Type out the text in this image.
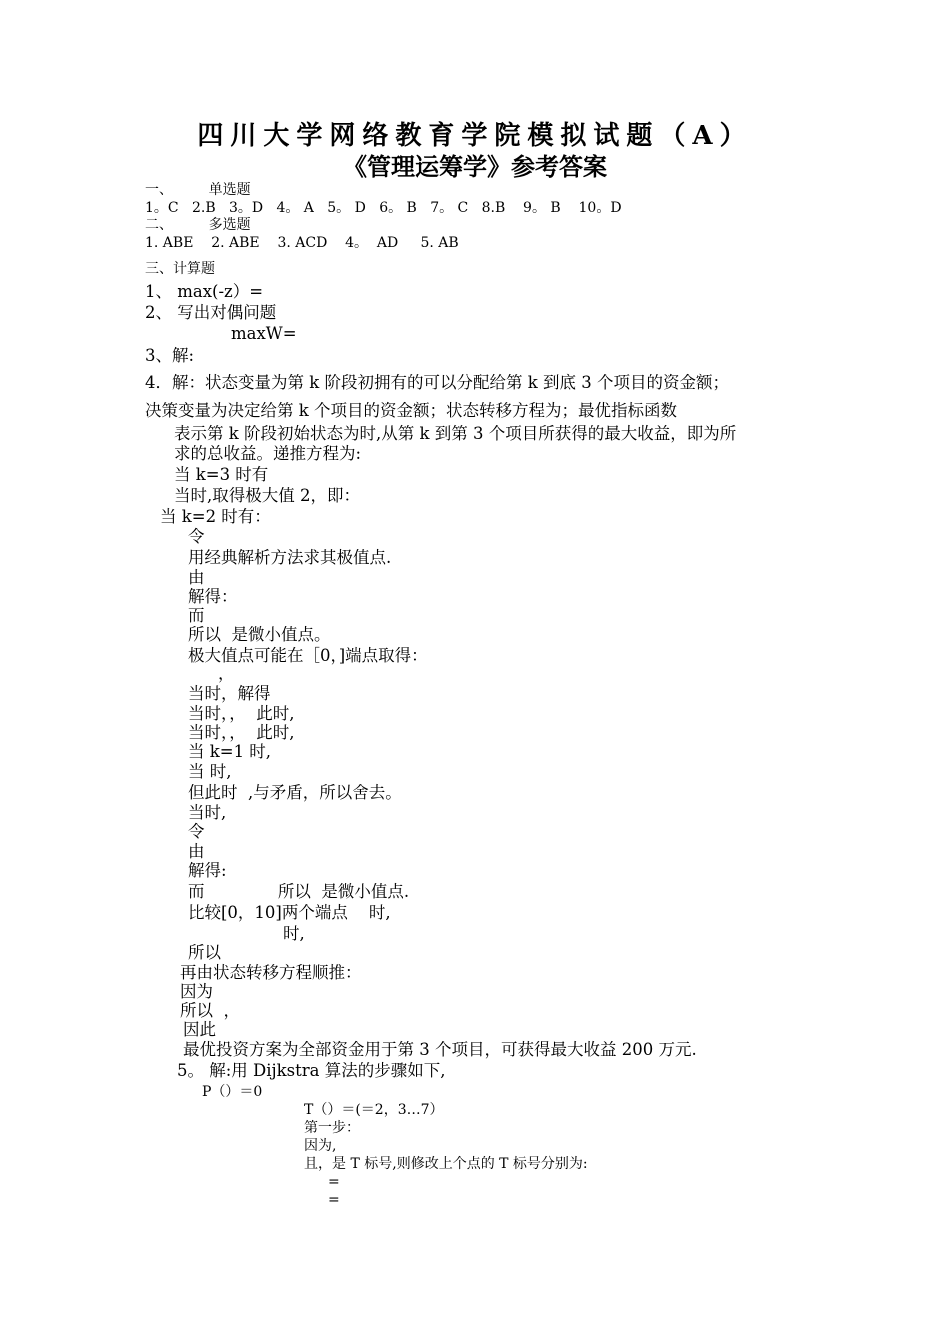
四川大学网络教育学院模拟试题（A）
《管理运筹学》参考答案
一、        单选题
1。C   2.B   3。D   4。 A   5。 D   6。 B   7。 C   8.B    9。 B    10。D
二、        多选题
1. ABE    2. ABE    3. ACD    4。  AD     5. AB
三、计算题
1、 max(-z）=
2、 写出对偶问题
maxW=
3、解:
4．解：状态变量为第 k 阶段初拥有的可以分配给第 k 到底 3 个项目的资金额；
决策变量为决定给第 k 个项目的资金额；状态转移方程为；最优指标函数
表示第 k 阶段初始状态为时,从第 k 到第 3 个项目所获得的最大收益，即为所
求的总收益。递推方程为:
当 k=3 时有
当时,取得极大值 2，即：
当 k=2 时有：
令
用经典解析方法求其极值点.
由
解得：
而
所以  是微小值点。
极大值点可能在［0，]端点取得：
，
当时，解得
当时，，  此时,
当时，，  此时,
当 k=1 时,
当 时,
但此时  ,与矛盾，所以舍去。
当时,
令
由
解得:
而              所以  是微小值点.
比较[0，10]两个端点    时,
时,
所以
再由状态转移方程顺推：
因为
所以  ，
因此
最优投资方案为全部资金用于第 3 个项目，可获得最大收益 200 万元.
5。 解:用 Dijkstra 算法的步骤如下,
P（）＝0
T（）＝(＝2，3…7）
第一步：
因为,
且，是 T 标号,则修改上个点的 T 标号分别为:
=
=
